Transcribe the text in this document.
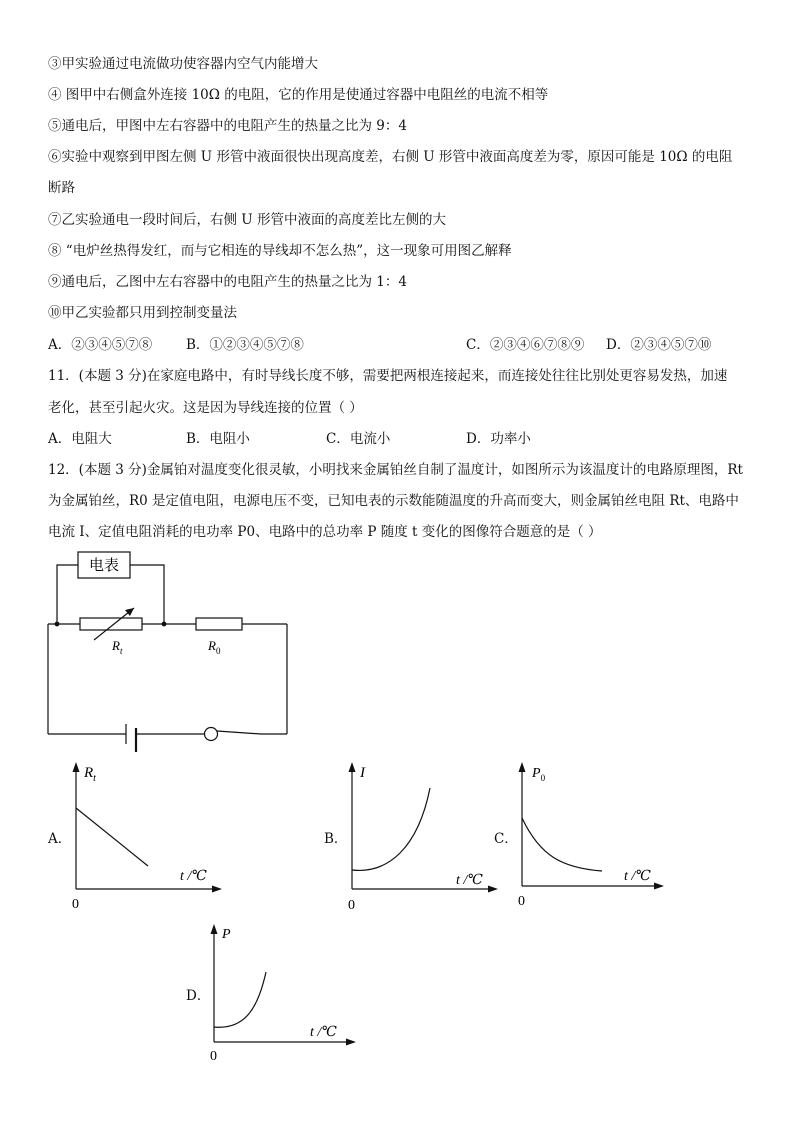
③甲实验通过电流做功使容器内空气内能增大
④ 图甲中右侧盒外连接 10Ω 的电阻，它的作用是使通过容器中电阻丝的电流不相等
⑤通电后，甲图中左右容器中的电阻产生的热量之比为 9：4
⑥实验中观察到甲图左侧 U 形管中液面很快出现高度差，右侧 U 形管中液面高度差为零，原因可能是 10Ω 的电阻
断路
⑦乙实验通电一段时间后，右侧 U 形管中液面的高度差比左侧的大
⑧ “电炉丝热得发红，而与它相连的导线却不怎么热”，这一现象可用图乙解释
⑨通电后，乙图中左右容器中的电阻产生的热量之比为 1：4
⑩甲乙实验都只用到控制变量法
A．②③④⑤⑦⑧	B．①②③④⑤⑦⑧	C．②③④⑥⑦⑧⑨ D．②③④⑤⑦⑩
11．(本题 3 分)在家庭电路中，有时导线长度不够，需要把两根连接起来，而连接处往往比别处更容易发热，加速
老化，甚至引起火灾。这是因为导线连接的位置（ ）
A．电阻大	B．电阻小	C．电流小	D．功率小
12．(本题 3 分)金属铂对温度变化很灵敏，小明找来金属铂丝自制了温度计，如图所示为该温度计的电路原理图，Rt
为金属铂丝，R0 是定值电阻，电源电压不变，已知电表的示数能随温度的升高而变大，则金属铂丝电阻 Rt、电路中
电流 I、定值电阻消耗的电功率 P0、电路中的总功率 P 随度 t 变化的图像符合题意的是（ ）
电表
$R_t$	$R_0$
A．
$R_t$
t /℃
0
B．
I
t /℃
0
C．
$P_0$
t /℃
0
D．
P
t /℃
0
